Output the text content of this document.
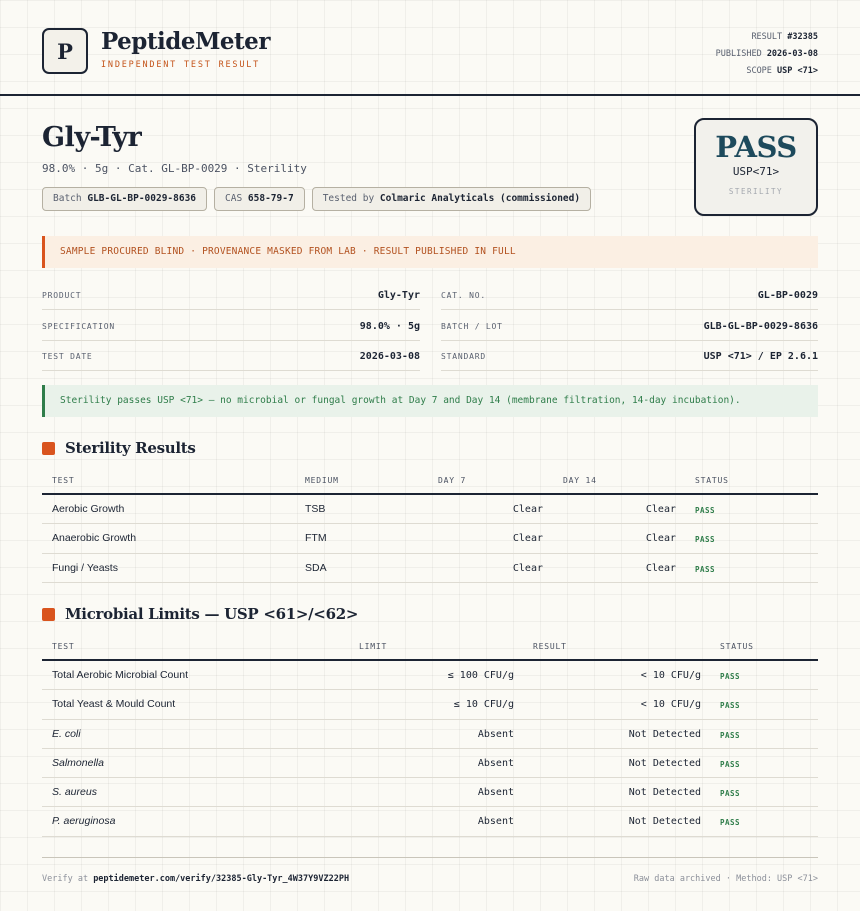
P PeptideMeter
INDEPENDENT TEST RESULT
RESULT #32385
PUBLISHED 2026-03-08
SCOPE USP <71>
Gly-Tyr
98.0% · 5g · Cat. GL-BP-0029 · Sterility
Batch GLB-GL-BP-0029-8636	CAS 658-79-7	Tested by Colmaric Analyticals (commissioned)
PASS
USP<71>
STERILITY
SAMPLE PROCURED BLIND · PROVENANCE MASKED FROM LAB · RESULT PUBLISHED IN FULL
PRODUCT	Gly-Tyr
SPECIFICATION	98.0% · 5g
TEST DATE	2026-03-08
CAT. NO.	GL-BP-0029
BATCH / LOT	GLB-GL-BP-0029-8636
STANDARD	USP <71> / EP 2.6.1
Sterility passes USP <71> — no microbial or fungal growth at Day 7 and Day 14 (membrane filtration, 14-day incubation).
Sterility Results
TEST	MEDIUM	DAY 7	DAY 14	STATUS
Aerobic Growth	TSB	Clear	Clear	PASS
Anaerobic Growth	FTM	Clear	Clear	PASS
Fungi / Yeasts	SDA	Clear	Clear	PASS
Microbial Limits — USP <61>/<62>
TEST	LIMIT	RESULT	STATUS
Total Aerobic Microbial Count	≤ 100 CFU/g	< 10 CFU/g	PASS
Total Yeast & Mould Count	≤ 10 CFU/g	< 10 CFU/g	PASS
E. coli	Absent	Not Detected	PASS
Salmonella	Absent	Not Detected	PASS
S. aureus	Absent	Not Detected	PASS
P. aeruginosa	Absent	Not Detected	PASS
Verify at peptidemeter.com/verify/32385-Gly-Tyr_4W37Y9VZ22PH	Raw data archived · Method: USP <71>
